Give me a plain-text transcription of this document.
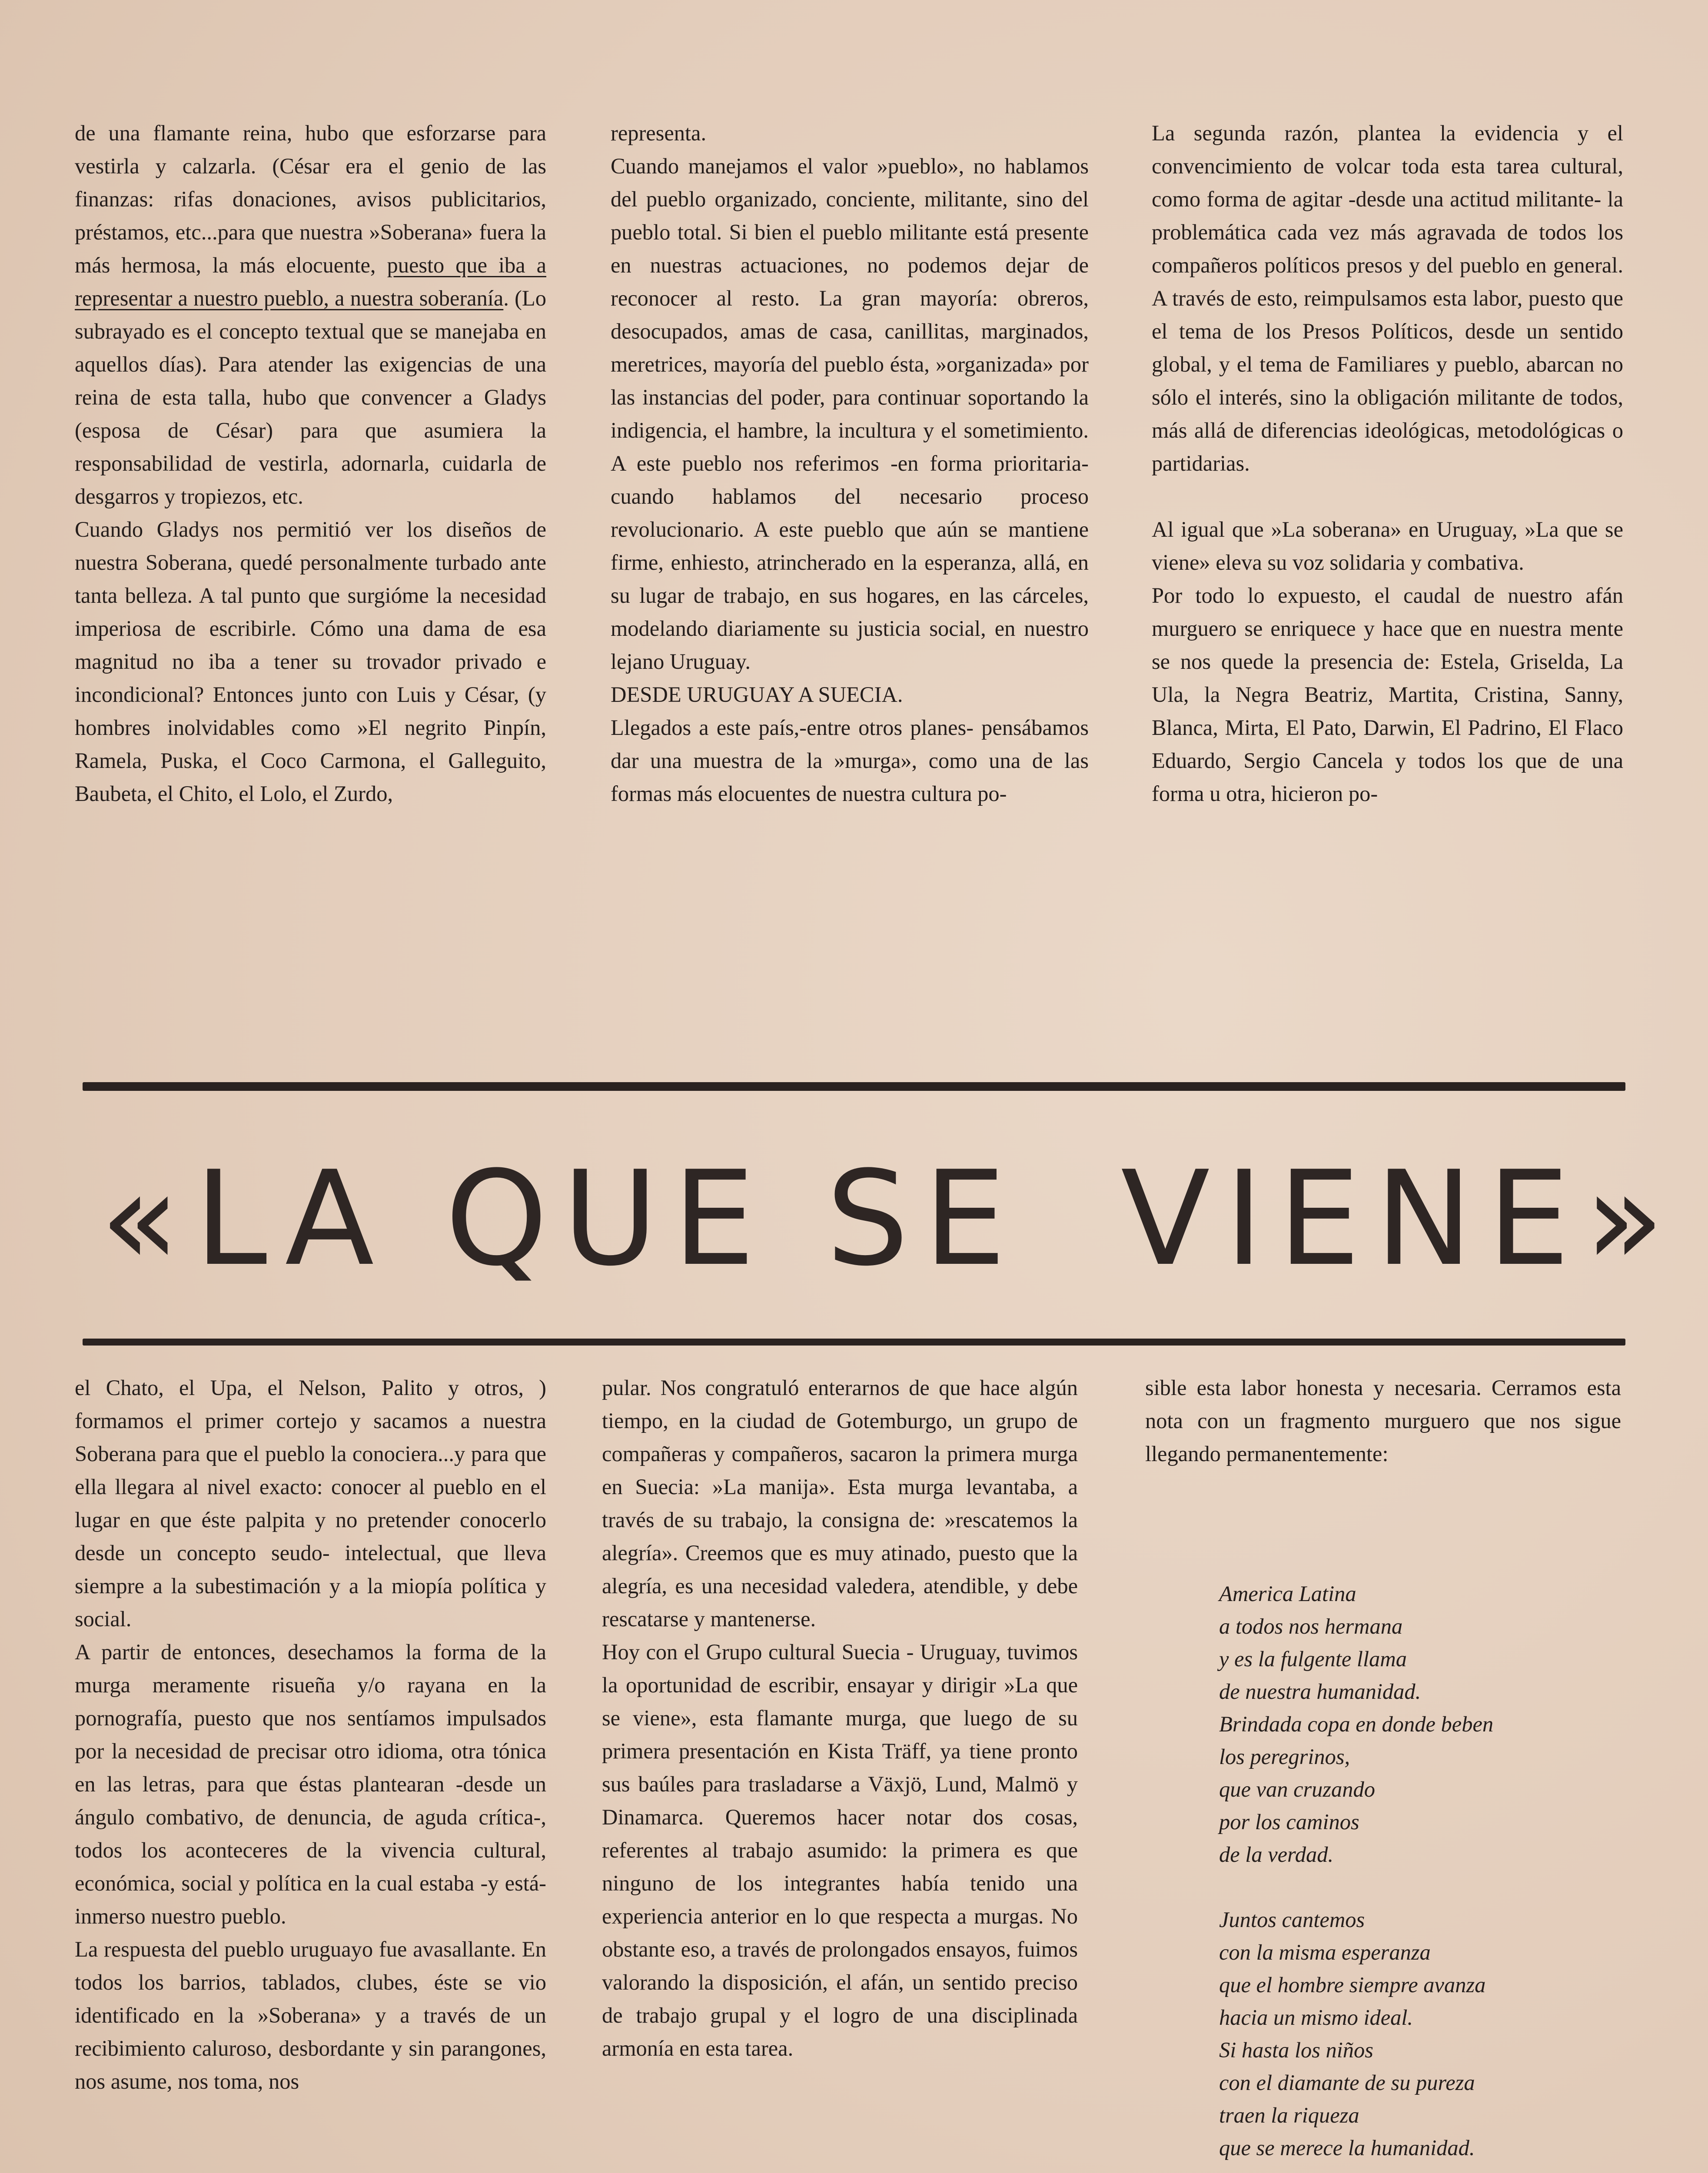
de una flamante reina, hubo que esforzarse para vestirla y calzarla. (César era el genio de las finanzas: rifas donaciones, avisos publicitarios, préstamos, etc...para que nuestra »Soberana» fuera la más hermosa, la más elocuente, puesto que iba a representar a nuestro pueblo, a nuestra soberanía. (Lo subrayado es el concepto textual que se manejaba en aquellos días). Para atender las exigencias de una reina de esta talla, hubo que convencer a Gladys (esposa de César) para que asumiera la responsabilidad de vestirla, adornarla, cuidarla de desgarros y tropiezos, etc.

Cuando Gladys nos permitió ver los diseños de nuestra Soberana, quedé personalmente turbado ante tanta belleza. A tal punto que surgióme la necesidad imperiosa de escribirle. Cómo una dama de esa magnitud no iba a tener su trovador privado e incondicional? Entonces junto con Luis y César, (y hombres inolvidables como »El negrito Pinpín, Ramela, Puska, el Coco Carmona, el Galleguito, Baubeta, el Chito, el Lolo, el Zurdo,

representa.

Cuando manejamos el valor »pueblo», no hablamos del pueblo organizado, conciente, militante, sino del pueblo total. Si bien el pueblo militante está presente en nuestras actuaciones, no podemos dejar de reconocer al resto. La gran mayoría: obreros, desocupados, amas de casa, canillitas, marginados, meretrices, mayoría del pueblo ésta, »organizada» por las instancias del poder, para continuar soportando la indigencia, el hambre, la incultura y el sometimiento. A este pueblo nos referimos -en forma prioritaria-cuando hablamos del necesario proceso revolucionario. A este pueblo que aún se mantiene firme, enhiesto, atrincherado en la esperanza, allá, en su lugar de trabajo, en sus hogares, en las cárceles, modelando diariamente su justicia social, en nuestro lejano Uruguay.

DESDE URUGUAY A SUECIA.

Llegados a este país,-entre otros planes- pensábamos dar una muestra de la »murga», como una de las formas más elocuentes de nuestra cultura po-

La segunda razón, plantea la evidencia y el convencimiento de volcar toda esta tarea cultural, como forma de agitar -desde una actitud militante- la problemática cada vez más agravada de todos los compañeros políticos presos y del pueblo en general. A través de esto, reimpulsamos esta labor, puesto que el tema de los Presos Políticos, desde un sentido global, y el tema de Familiares y pueblo, abarcan no sólo el interés, sino la obligación militante de todos, más allá de diferencias ideológicas, metodológicas o partidarias.

Al igual que »La soberana» en Uruguay, »La que se viene» eleva su voz solidaria y combativa.

Por todo lo expuesto, el caudal de nuestro afán murguero se enriquece y hace que en nuestra mente se nos quede la presencia de: Estela, Griselda, La Ula, la Negra Beatriz, Martita, Cristina, Sanny, Blanca, Mirta, El Pato, Darwin, El Padrino, El Flaco Eduardo, Sergio Cancela y todos los que de una forma u otra, hicieron po-

«LA QUE SE VIENE»

el Chato, el Upa, el Nelson, Palito y otros, ) formamos el primer cortejo y sacamos a nuestra Soberana para que el pueblo la conociera...y para que ella llegara al nivel exacto: conocer al pueblo en el lugar en que éste palpita y no pretender conocerlo desde un concepto seudo- intelectual, que lleva siempre a la subestimación y a la miopía política y social.

A partir de entonces, desechamos la forma de la murga meramente risueña y/o rayana en la pornografía, puesto que nos sentíamos impulsados por la necesidad de precisar otro idioma, otra tónica en las letras, para que éstas plantearan -desde un ángulo combativo, de denuncia, de aguda crítica-, todos los aconteceres de la vivencia cultural, económica, social y política en la cual estaba -y está- inmerso nuestro pueblo.

La respuesta del pueblo uruguayo fue avasallante. En todos los barrios, tablados, clubes, éste se vio identificado en la »Soberana» y a través de un recibimiento caluroso, desbordante y sin parangones, nos asume, nos toma, nos

pular. Nos congratuló enterarnos de que hace algún tiempo, en la ciudad de Gotemburgo, un grupo de compañeras y compañeros, sacaron la primera murga en Suecia: »La manija». Esta murga levantaba, a través de su trabajo, la consigna de: »rescatemos la alegría». Creemos que es muy atinado, puesto que la alegría, es una necesidad valedera, atendible, y debe rescatarse y mantenerse.

Hoy con el Grupo cultural Suecia - Uruguay, tuvimos la oportunidad de escribir, ensayar y dirigir »La que se viene», esta flamante murga, que luego de su primera presentación en Kista Träff, ya tiene pronto sus baúles para trasladarse a Växjö, Lund, Malmö y Dinamarca. Queremos hacer notar dos cosas, referentes al trabajo asumido: la primera es que ninguno de los integrantes había tenido una experiencia anterior en lo que respecta a murgas. No obstante eso, a través de prolongados ensayos, fuimos valorando la disposición, el afán, un sentido preciso de trabajo grupal y el logro de una disciplinada armonía en esta tarea.

sible esta labor honesta y necesaria. Cerramos esta nota con un fragmento murguero que nos sigue llegando permanentemente:

America Latina
a todos nos hermana
y es la fulgente llama
de nuestra humanidad.
Brindada copa en donde beben
los peregrinos,
que van cruzando
por los caminos
de la verdad.
Juntos cantemos
con la misma esperanza
que el hombre siempre avanza
hacia un mismo ideal.
Si hasta los niños
con el diamante de su pureza
traen la riqueza
que se merece la humanidad.
